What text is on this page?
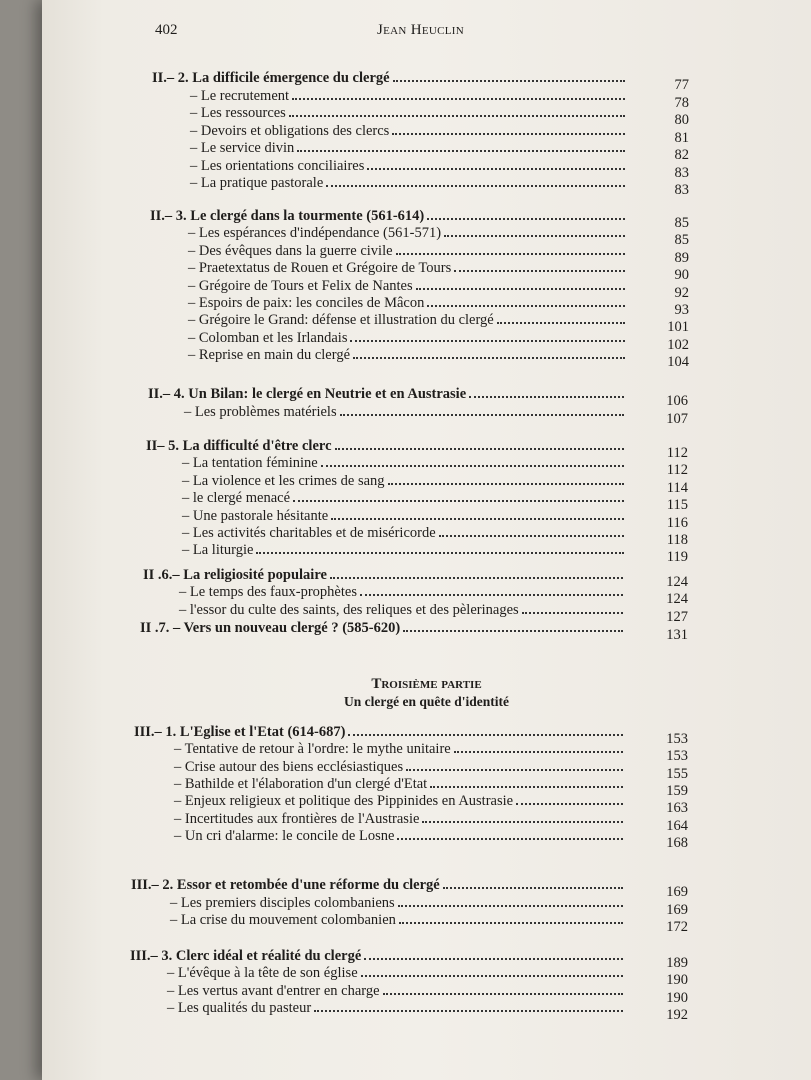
402	Jean Heuclin
II.– 2. La difficile émergence du clergé	77
– Le recrutement	78
– Les ressources	80
– Devoirs et obligations des clercs	81
– Le service divin	82
– Les orientations conciliaires	83
– La pratique pastorale	83
II.– 3. Le clergé dans la tourmente (561-614)	85
– Les espérances d'indépendance (561-571)	85
– Des évêques dans la guerre civile	89
– Praetextatus de Rouen et Grégoire de Tours	90
– Grégoire de Tours et Felix de Nantes	92
– Espoirs de paix: les conciles de Mâcon	93
– Grégoire le Grand: défense et illustration du clergé	101
– Colomban et les Irlandais	102
– Reprise en main du clergé	104
II.– 4. Un Bilan: le clergé en Neutrie et en Austrasie	106
– Les problèmes matériels	107
II– 5. La difficulté d'être clerc	112
– La tentation féminine	112
– La violence et les crimes de sang	114
– le clergé menacé	115
– Une pastorale hésitante	116
– Les activités charitables et de miséricorde	118
– La liturgie	119
II .6.– La religiosité populaire	124
– Le temps des faux-prophètes	124
– l'essor du culte des saints, des reliques et des pèlerinages	127
II .7. – Vers un nouveau clergé ? (585-620)	131
III.– 1. L'Eglise et l'Etat (614-687)	153
– Tentative de retour à l'ordre: le mythe unitaire	153
– Crise autour des biens ecclésiastiques	155
– Bathilde et l'élaboration d'un clergé d'Etat	159
– Enjeux religieux et politique des Pippinides en Austrasie	163
– Incertitudes aux frontières de l'Austrasie	164
– Un cri d'alarme: le concile de Losne	168
III.– 2. Essor et retombée d'une réforme du clergé	169
– Les premiers disciples colombaniens	169
– La crise du mouvement colombanien	172
III.– 3. Clerc idéal et réalité du clergé	189
– L'évêque à la tête de son église	190
– Les vertus avant d'entrer en charge	190
– Les qualités du pasteur	192
Troisième partie
Un clergé en quête d'identité
